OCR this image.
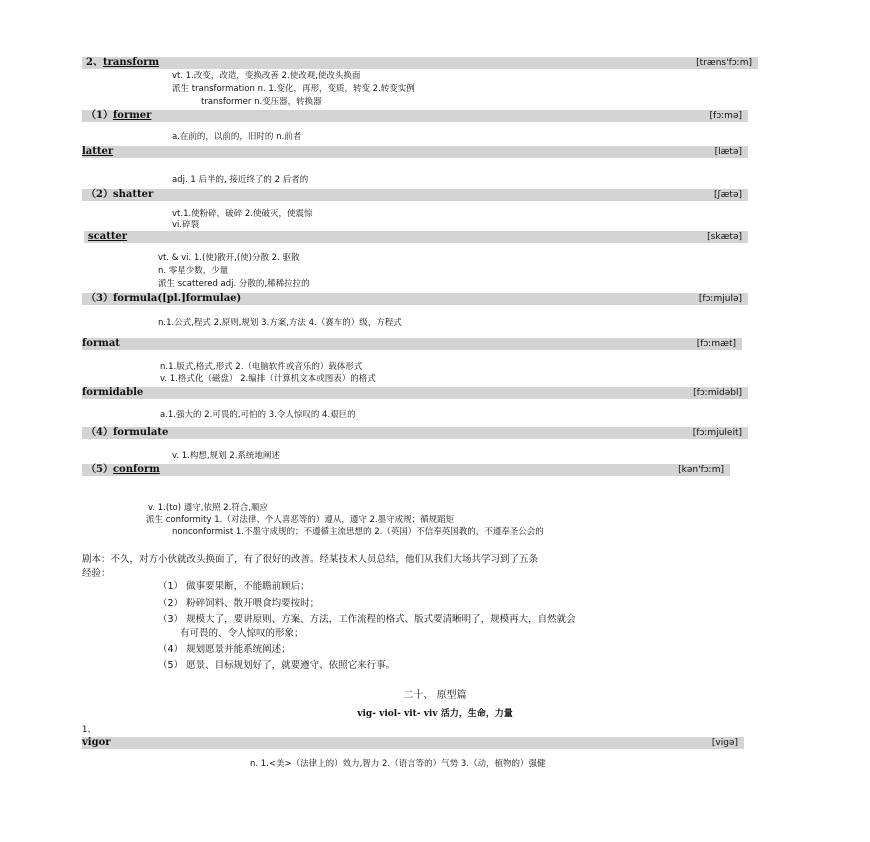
2、transform	[træns'fɔːm]
vt. 1.改变，改造，变换改善 2.使改观,使改头换面
派生 transformation n. 1.变化，再形，变质，转变 2.转变实例
transformer n.变压器，转换器
（1）former	[fɔːmə]
a.在前的，以前的，旧时的 n.前者
latter	[lætə]
adj. 1 后半的, 接近终了的 2 后者的
（2）shatter	[ʃætə]
vt.1.使粉碎，破碎 2.使破灭，使震惊
vi.碎裂
scatter	[skætə]
vt. & vi. 1.(使)散开,(使)分散 2. 驱散
n. 零星少数，少量
派生 scattered adj. 分散的,稀稀拉拉的
（3）formula([pl.]formulae)	[fɔːmjulə]
n.1.公式,程式 2.原则,规划 3.方案,方法 4.（赛车的）级，方程式
format	[fɔːmæt]
n.1.版式,格式,形式 2.（电脑软件或音乐的）载体形式
v. 1.格式化（磁盘） 2.编排（计算机文本或图表）的格式
formidable	[fɔːmidəbl]
a.1.强大的 2.可畏的,可怕的 3.令人惊叹的 4.艰巨的
（4）formulate	[fɔːmjuleit]
v. 1.构想,规划 2.系统地阐述
（5）conform	[kən'fɔːm]
v. 1.(to) 遵守,依照 2.符合,顺应
派生 conformity 1.（对法律、个人喜恶等的）遵从，遵守 2.墨守成规；循规蹈矩
nonconformist 1.不墨守成规的；不遵循主流思想的 2.（英国）不信奉英国教的，不遵奉圣公会的
剧本：不久，对方小伙就改头换面了，有了很好的改善。经某技术人员总结，他们从我们大场共学习到了五条
经验：
（1） 做事要果断，不能瞻前顾后；
（2） 粉碎饲料、散开喂食均要按时；
（3） 规模大了，要讲原则、方案、方法，工作流程的格式、版式要清晰明了，规模再大，自然就会
有可畏的、令人惊叹的形象；
（4） 规划愿景并能系统阐述；
（5） 愿景、目标规划好了，就要遵守、依照它来行事。
二十、 原型篇
vig- viol- vit- viv 活力，生命，力量
1、
vigor	[vigə]
n. 1.<美>（法律上的）效力,智力 2.（语言等的）气势 3.（动，植物的）强健
